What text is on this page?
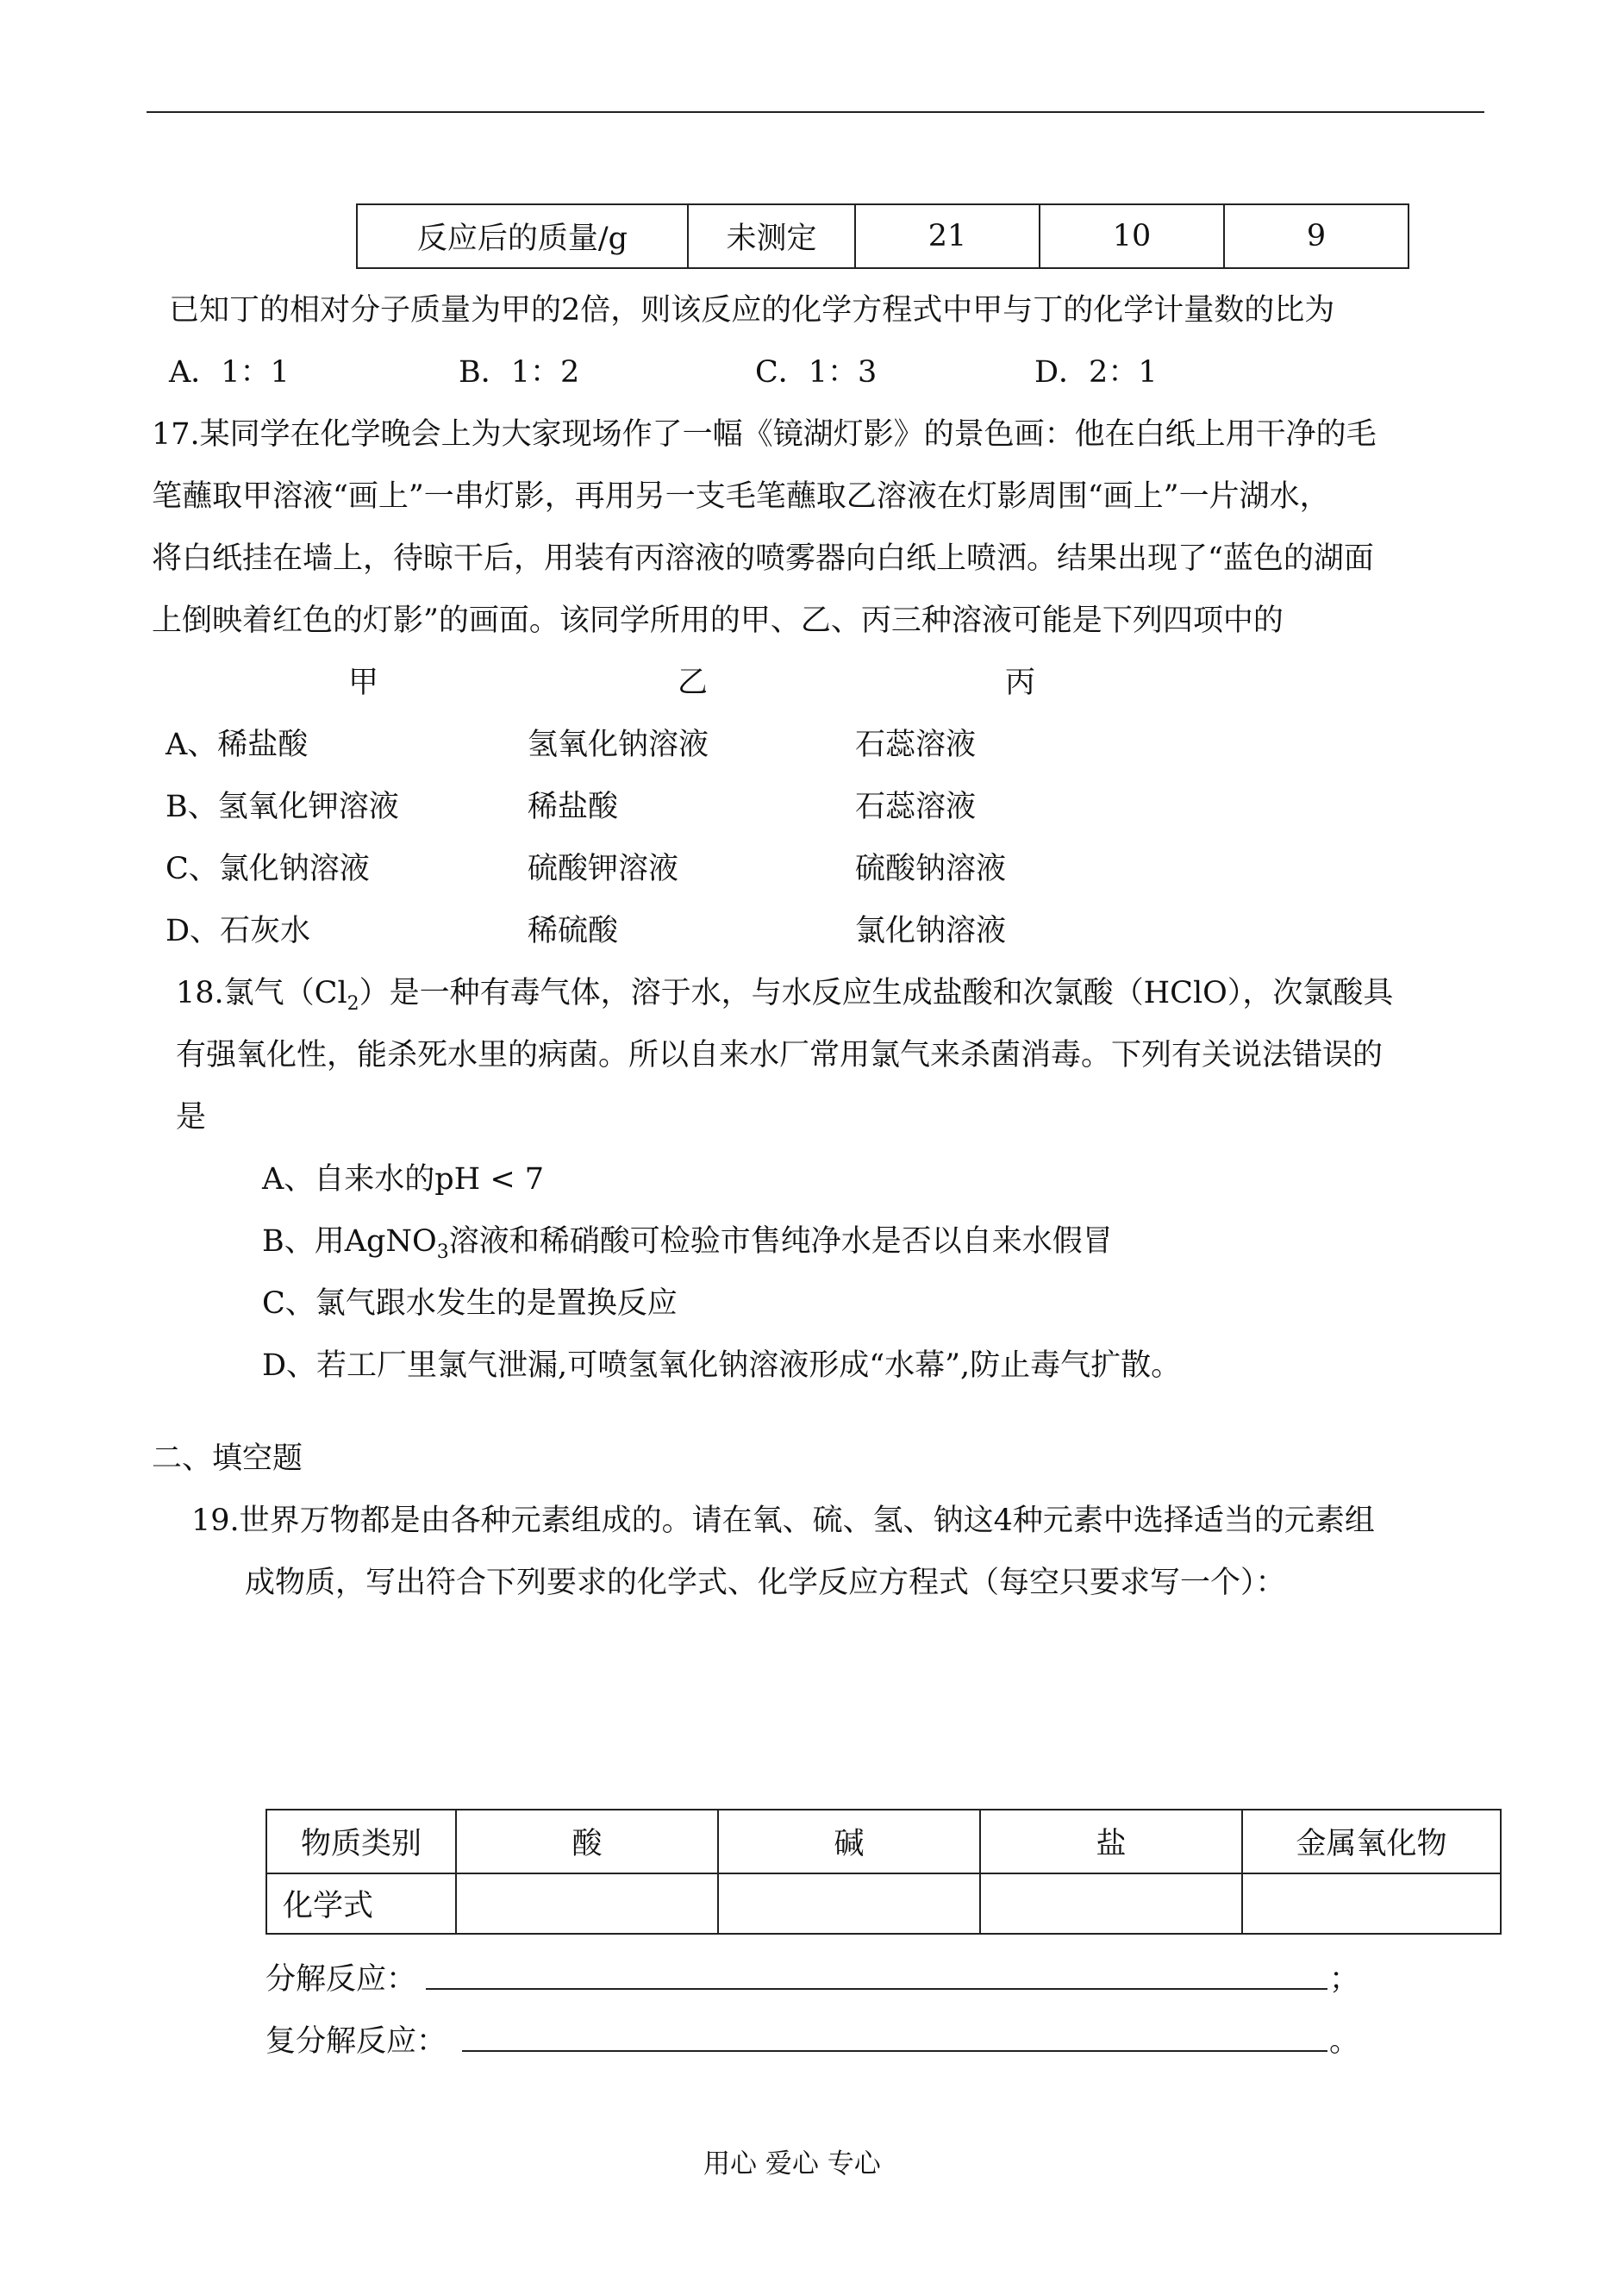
反应后的质量/g	未测定	21	10	9
已知丁的相对分子质量为甲的2倍，则该反应的化学方程式中甲与丁的化学计量数的比为
A．1：1	B．1：2	C．1：3	D．2：1
17.某同学在化学晚会上为大家现场作了一幅《镜湖灯影》的景色画：他在白纸上用干净的毛
笔蘸取甲溶液“画上”一串灯影，再用另一支毛笔蘸取乙溶液在灯影周围“画上”一片湖水，
将白纸挂在墙上，待晾干后，用装有丙溶液的喷雾器向白纸上喷洒。结果出现了“蓝色的湖面
上倒映着红色的灯影”的画面。该同学所用的甲、乙、丙三种溶液可能是下列四项中的
甲	乙	丙
A、稀盐酸	氢氧化钠溶液	石蕊溶液
B、氢氧化钾溶液	稀盐酸	石蕊溶液
C、氯化钠溶液	硫酸钾溶液	硫酸钠溶液
D、石灰水	稀硫酸	氯化钠溶液
18.氯气$(Cl_2)$是一种有毒气体，溶于水，与水反应生成盐酸和次氯酸（HClO），次氯酸具
有强氧化性，能杀死水里的病菌。所以自来水厂常用氯气来杀菌消毒。下列有关说法错误的
是
A、自来水的pH < 7
B、用AgNO$_3$溶液和稀硝酸可检验市售纯净水是否以自来水假冒
C、氯气跟水发生的是置换反应
D、若工厂里氯气泄漏,可喷氢氧化钠溶液形成“水幕”,防止毒气扩散。
二、填空题
19.世界万物都是由各种元素组成的。请在氧、硫、氢、钠这4种元素中选择适当的元素组
成物质，写出符合下列要求的化学式、化学反应方程式（每空只要求写一个）：
物质类别	酸	碱	盐	金属氧化物
化学式				
分解反应：	；
复分解反应：	。
用心 爱心 专心
